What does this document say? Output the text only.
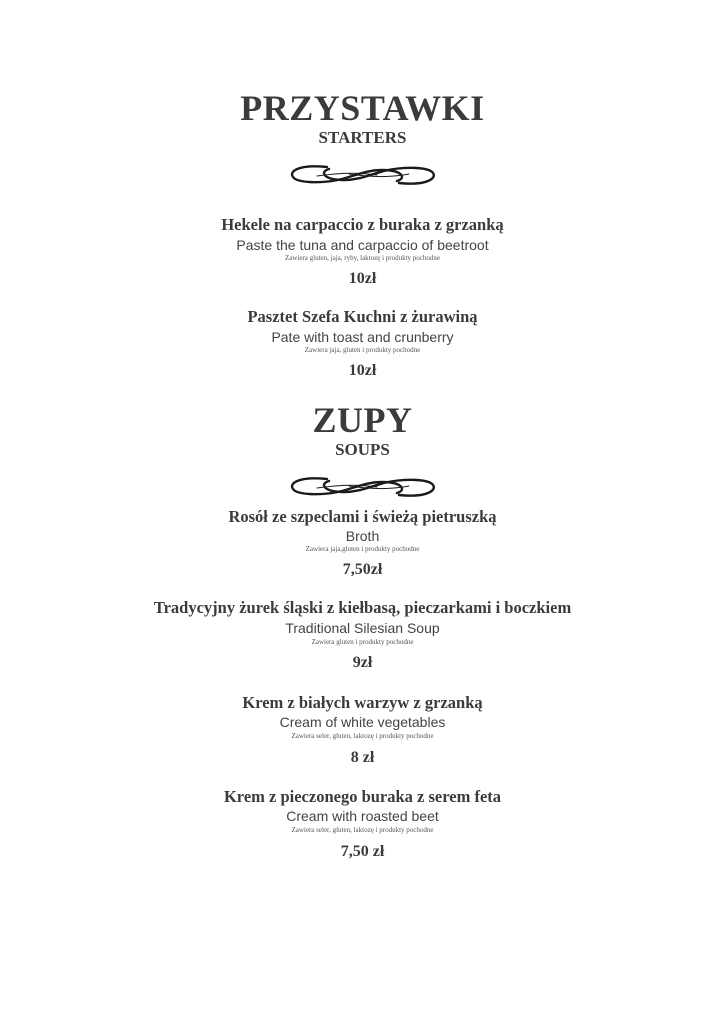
PRZYSTAWKI
STARTERS
Hekele na carpaccio z buraka z grzanką
Paste the tuna and carpaccio of beetroot
Zawiera gluten, jaja, ryby, laktozę i produkty pochodne
10zł
Pasztet Szefa Kuchni z żurawiną
Pate with toast and crunberry
Zawiera jaja, gluten i produkty pochodne
10zł
ZUPY
SOUPS
Rosół ze szpeclami i świeżą pietruszką
Broth
Zawiera jaja,gluten i produkty pochodne
7,50zł
Tradycyjny żurek śląski z kiełbasą, pieczarkami i boczkiem
Traditional Silesian Soup
Zawiera gluten i produkty pochodne
9zł
Krem z białych warzyw z grzanką
Cream of white vegetables
Zawiera seler, gluten, laktozę i produkty pochodne
8 zł
Krem z pieczonego buraka z serem feta
Cream with roasted beet
Zawiera seler, gluten, laktozę i produkty pochodne
7,50 zł
